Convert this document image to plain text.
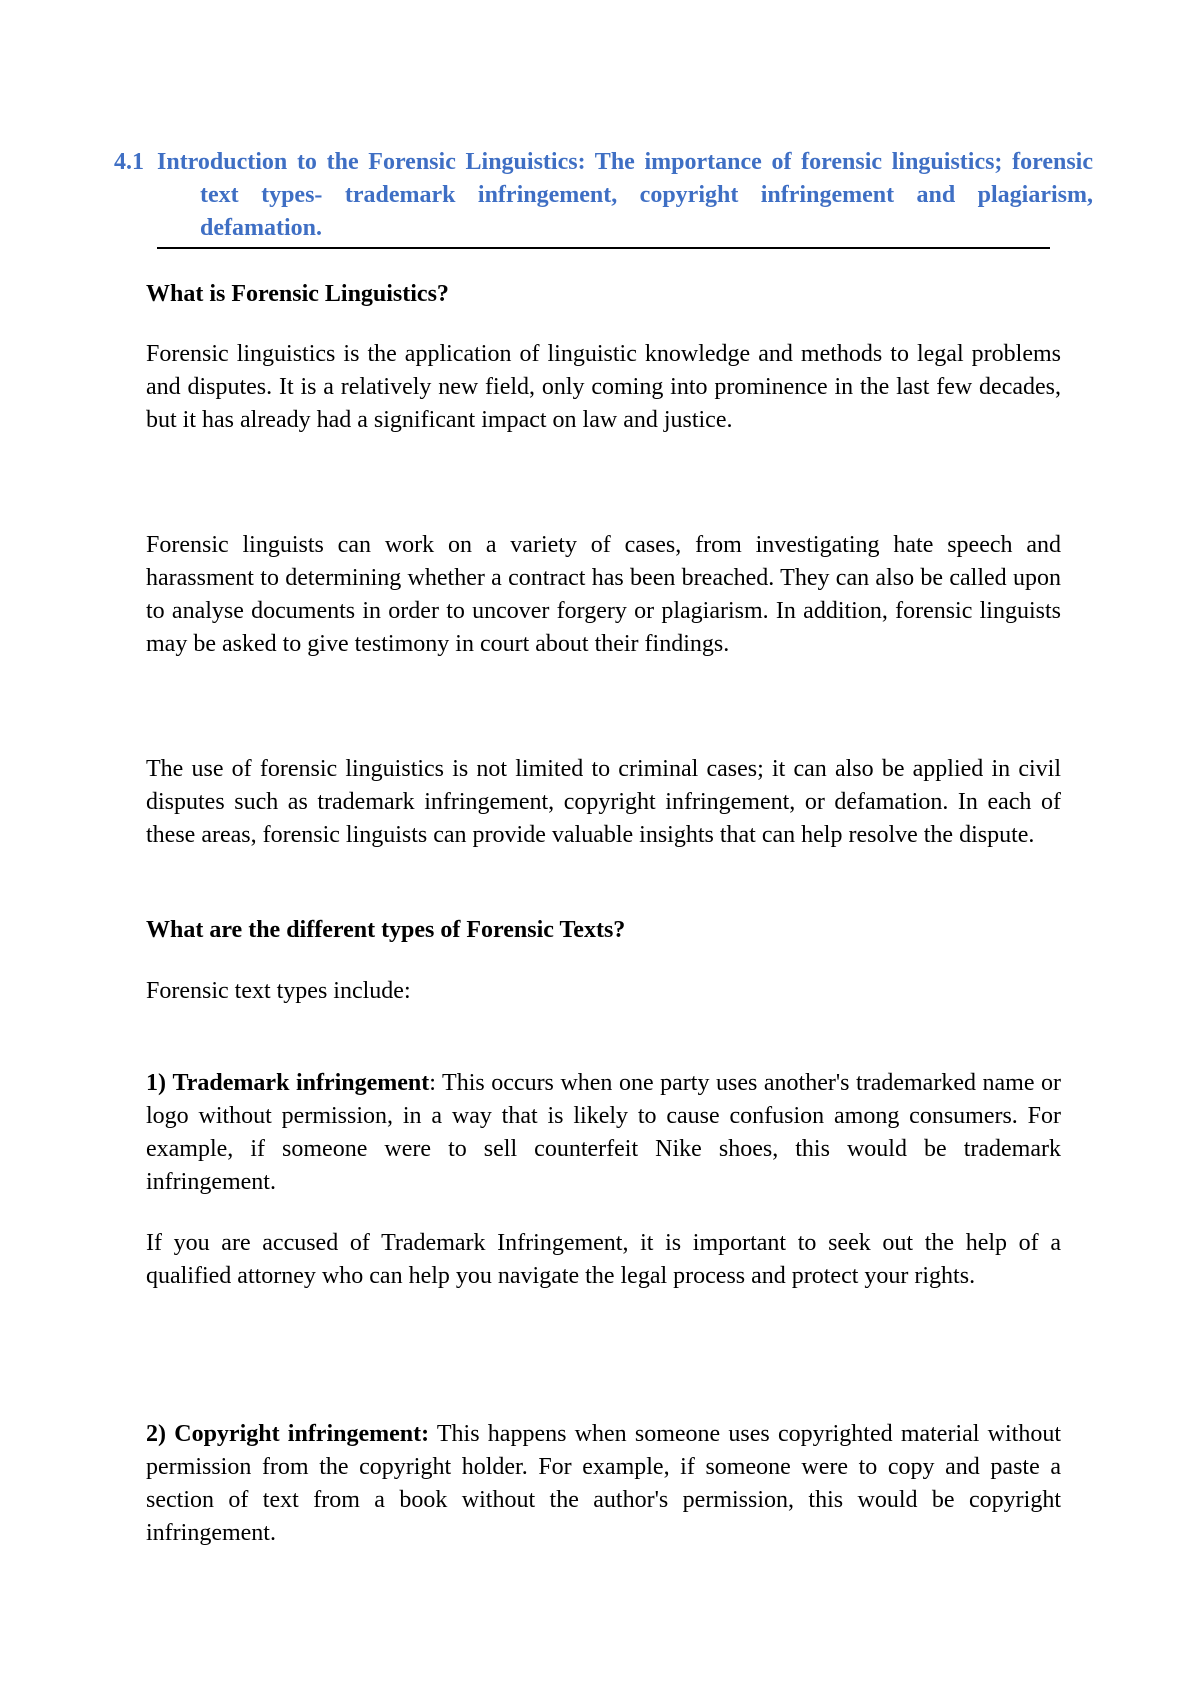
4.1 Introduction to the Forensic Linguistics: The importance of forensic linguistics; forensic text types- trademark infringement, copyright infringement and plagiarism, defamation.

What is Forensic Linguistics?

Forensic linguistics is the application of linguistic knowledge and methods to legal problems and disputes. It is a relatively new field, only coming into prominence in the last few decades, but it has already had a significant impact on law and justice.

Forensic linguists can work on a variety of cases, from investigating hate speech and harassment to determining whether a contract has been breached. They can also be called upon to analyse documents in order to uncover forgery or plagiarism. In addition, forensic linguists may be asked to give testimony in court about their findings.

The use of forensic linguistics is not limited to criminal cases; it can also be applied in civil disputes such as trademark infringement, copyright infringement, or defamation. In each of these areas, forensic linguists can provide valuable insights that can help resolve the dispute.

What are the different types of Forensic Texts?

Forensic text types include:

1) Trademark infringement: This occurs when one party uses another's trademarked name or logo without permission, in a way that is likely to cause confusion among consumers. For example, if someone were to sell counterfeit Nike shoes, this would be trademark infringement.

If you are accused of Trademark Infringement, it is important to seek out the help of a qualified attorney who can help you navigate the legal process and protect your rights.

2) Copyright infringement: This happens when someone uses copyrighted material without permission from the copyright holder. For example, if someone were to copy and paste a section of text from a book without the author's permission, this would be copyright infringement.
